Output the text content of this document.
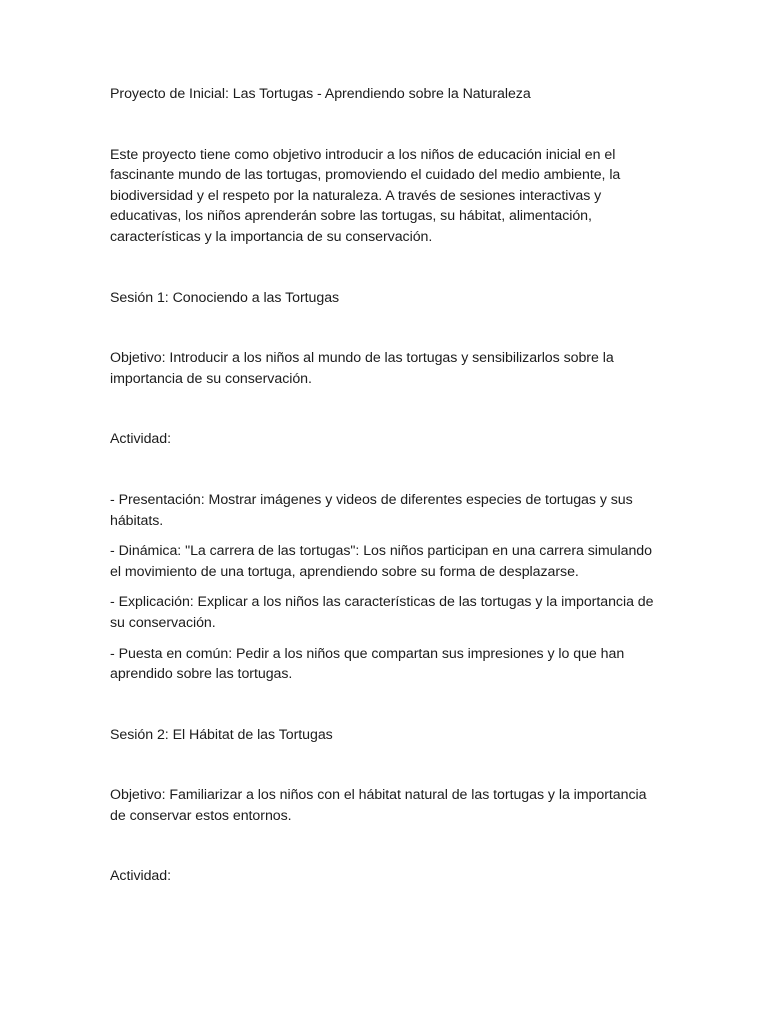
Proyecto de Inicial: Las Tortugas - Aprendiendo sobre la Naturaleza

Este proyecto tiene como objetivo introducir a los niños de educación inicial en el fascinante mundo de las tortugas, promoviendo el cuidado del medio ambiente, la biodiversidad y el respeto por la naturaleza. A través de sesiones interactivas y educativas, los niños aprenderán sobre las tortugas, su hábitat, alimentación, características y la importancia de su conservación.

Sesión 1: Conociendo a las Tortugas

Objetivo: Introducir a los niños al mundo de las tortugas y sensibilizarlos sobre la importancia de su conservación.

Actividad:

- Presentación: Mostrar imágenes y videos de diferentes especies de tortugas y sus hábitats.

- Dinámica: "La carrera de las tortugas": Los niños participan en una carrera simulando el movimiento de una tortuga, aprendiendo sobre su forma de desplazarse.

- Explicación: Explicar a los niños las características de las tortugas y la importancia de su conservación.

- Puesta en común: Pedir a los niños que compartan sus impresiones y lo que han aprendido sobre las tortugas.

Sesión 2: El Hábitat de las Tortugas

Objetivo: Familiarizar a los niños con el hábitat natural de las tortugas y la importancia de conservar estos entornos.

Actividad:
